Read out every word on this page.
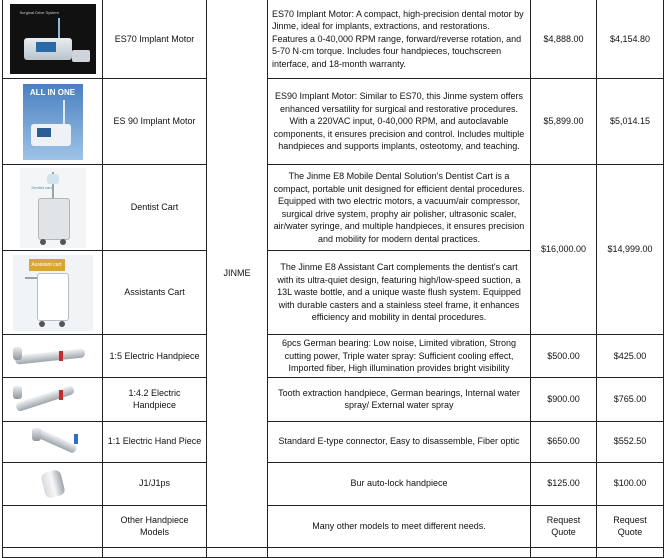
Surgical Drive System	ES70 Implant Motor	JINME	ES70 Implant Motor: A compact, high-precision dental motor by Jinme, ideal for implants, extractions, and restorations. Features a 0-40,000 RPM range, forward/reverse rotation, and 5-70 N·cm torque. Includes four handpieces, touchscreen interface, and 18-month warranty.	$4,888.00	$4,154.80

ALL IN ONE	ES 90 Implant Motor		ES90 Implant Motor: Similar to ES70, this Jinme system offers enhanced versatility for surgical and restorative procedures. With a 220VAC input, 0-40,000 RPM, and autoclavable components, it ensures precision and control. Includes multiple handpieces and supports implants, osteotomy, and teaching.	$5,899.00	$5,014.15

Dentist cart	Dentist Cart		The Jinme E8 Mobile Dental Solution's Dentist Cart is a compact, portable unit designed for efficient dental procedures. Equipped with two electric motors, a vacuum/air compressor, surgical drive system, prophy air polisher, ultrasonic scaler, air/water syringe, and multiple handpieces, it ensures precision and mobility for modern dental practices.	$16,000.00	$14,999.00

Assistant cart	Assistants Cart		The Jinme E8 Assistant Cart complements the dentist's cart with its ultra-quiet design, featuring high/low-speed suction, a 13L waste bottle, and a unique waste flush system. Equipped with durable casters and a stainless steel frame, it enhances efficiency and mobility in dental procedures.		

	1:5 Electric Handpiece		6pcs German bearing: Low noise, Limited vibration, Strong cutting power, Triple water spray: Sufficient cooling effect, Imported fiber, High illumination provides bright visibility	$500.00	$425.00

	1:4.2 Electric Handpiece		Tooth extraction handpiece, German bearings, Internal water spray/ External water spray	$900.00	$765.00

	1:1 Electric Hand Piece		Standard E-type connector, Easy to disassemble, Fiber optic	$650.00	$552.50

	J1/J1ps		Bur auto-lock handpiece	$125.00	$100.00
	Other Handpiece Models		Many other models to meet different needs.	Request Quote	Request Quote
